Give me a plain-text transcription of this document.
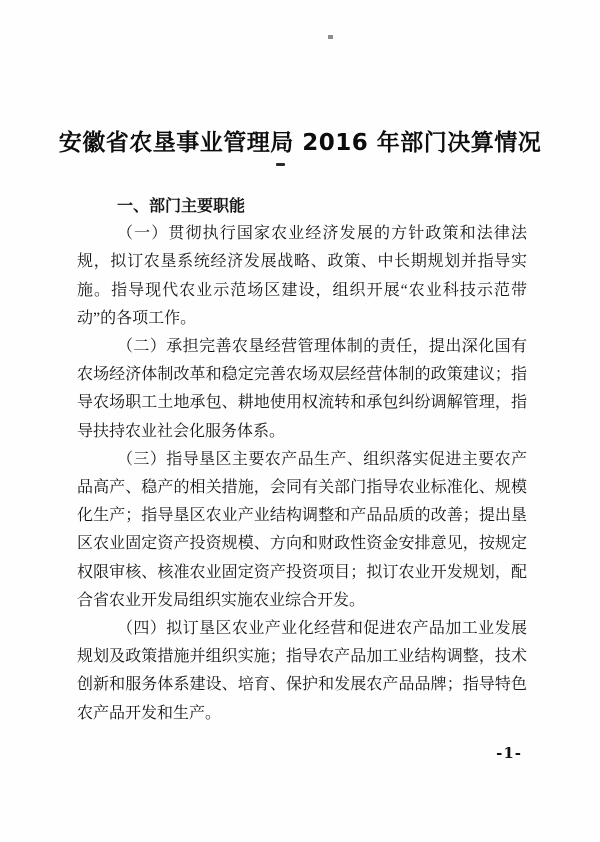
安徽省农垦事业管理局 2016 年部门决算情况

一、部门主要职能

（一）贯彻执行国家农业经济发展的方针政策和法律法规，拟订农垦系统经济发展战略、政策、中长期规划并指导实施。指导现代农业示范场区建设，组织开展“农业科技示范带动”的各项工作。

（二）承担完善农垦经营管理体制的责任，提出深化国有农场经济体制改革和稳定完善农场双层经营体制的政策建议；指导农场职工土地承包、耕地使用权流转和承包纠纷调解管理，指导扶持农业社会化服务体系。

（三）指导垦区主要农产品生产、组织落实促进主要农产品高产、稳产的相关措施，会同有关部门指导农业标准化、规模化生产；指导垦区农业产业结构调整和产品品质的改善；提出垦区农业固定资产投资规模、方向和财政性资金安排意见，按规定权限审核、核准农业固定资产投资项目；拟订农业开发规划，配合省农业开发局组织实施农业综合开发。

（四）拟订垦区农业产业化经营和促进农产品加工业发展规划及政策措施并组织实施；指导农产品加工业结构调整，技术创新和服务体系建设、培育、保护和发展农产品品牌；指导特色农产品开发和生产。

-1-
